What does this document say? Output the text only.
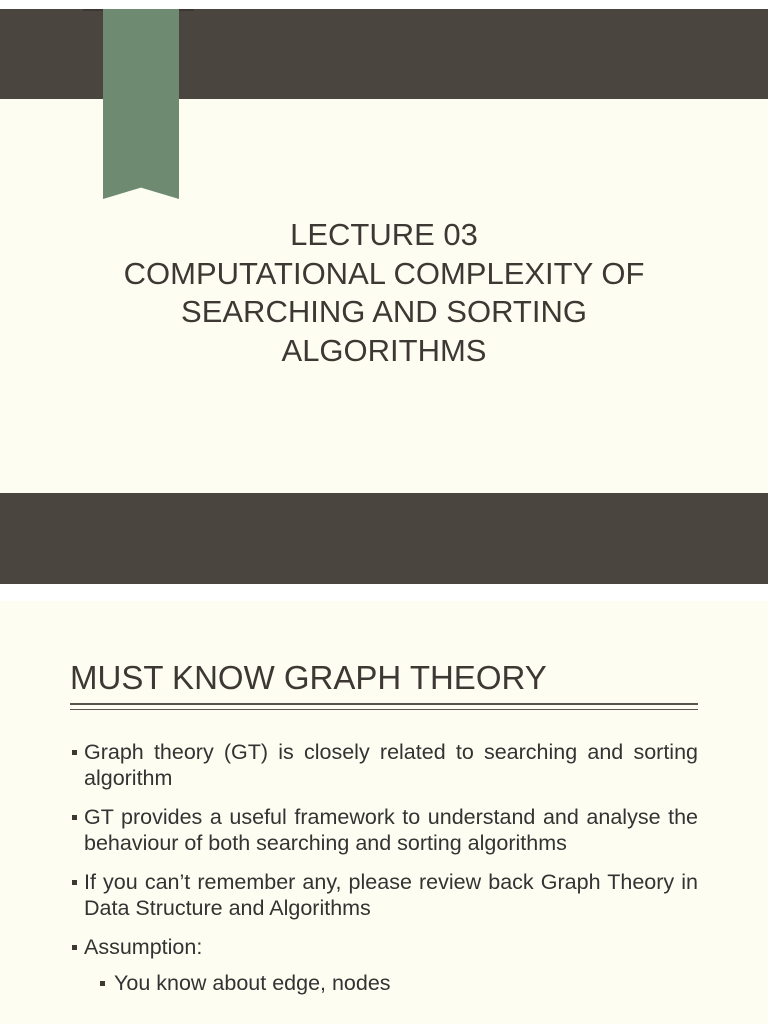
LECTURE 03
COMPUTATIONAL COMPLEXITY OF
SEARCHING AND SORTING
ALGORITHMS
MUST KNOW GRAPH THEORY
Graph theory (GT) is closely related to searching and sorting algorithm
GT provides a useful framework to understand and analyse the behaviour of both searching and sorting algorithms
If you can’t remember any, please review back Graph Theory in Data Structure and Algorithms
Assumption:
You know about edge, nodes
